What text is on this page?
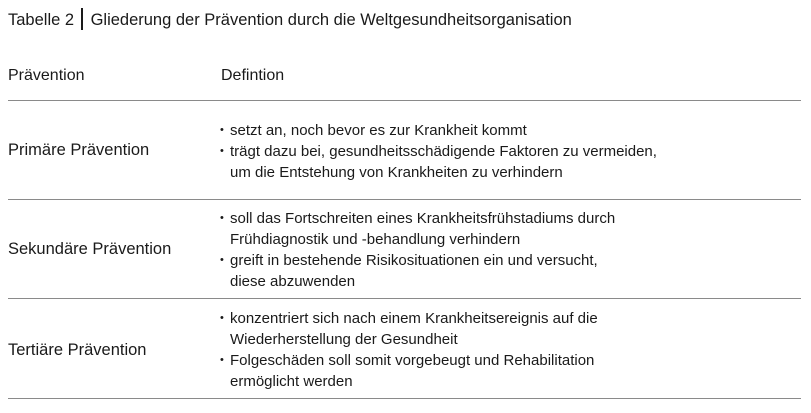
Tabelle 2 Gliederung der Prävention durch die Weltgesundheitsorganisation
Prävention	Defintion
Primäre Prävention
• setzt an, noch bevor es zur Krankheit kommt
• trägt dazu bei, gesundheitsschädigende Faktoren zu vermeiden,
um die Entstehung von Krankheiten zu verhindern
Sekundäre Prävention
• soll das Fortschreiten eines Krankheitsfrühstadiums durch
Frühdiagnostik und -behandlung verhindern
• greift in bestehende Risikosituationen ein und versucht,
diese abzuwenden
Tertiäre Prävention
• konzentriert sich nach einem Krankheitsereignis auf die
Wiederherstellung der Gesundheit
• Folgeschäden soll somit vorgebeugt und Rehabilitation
ermöglicht werden
